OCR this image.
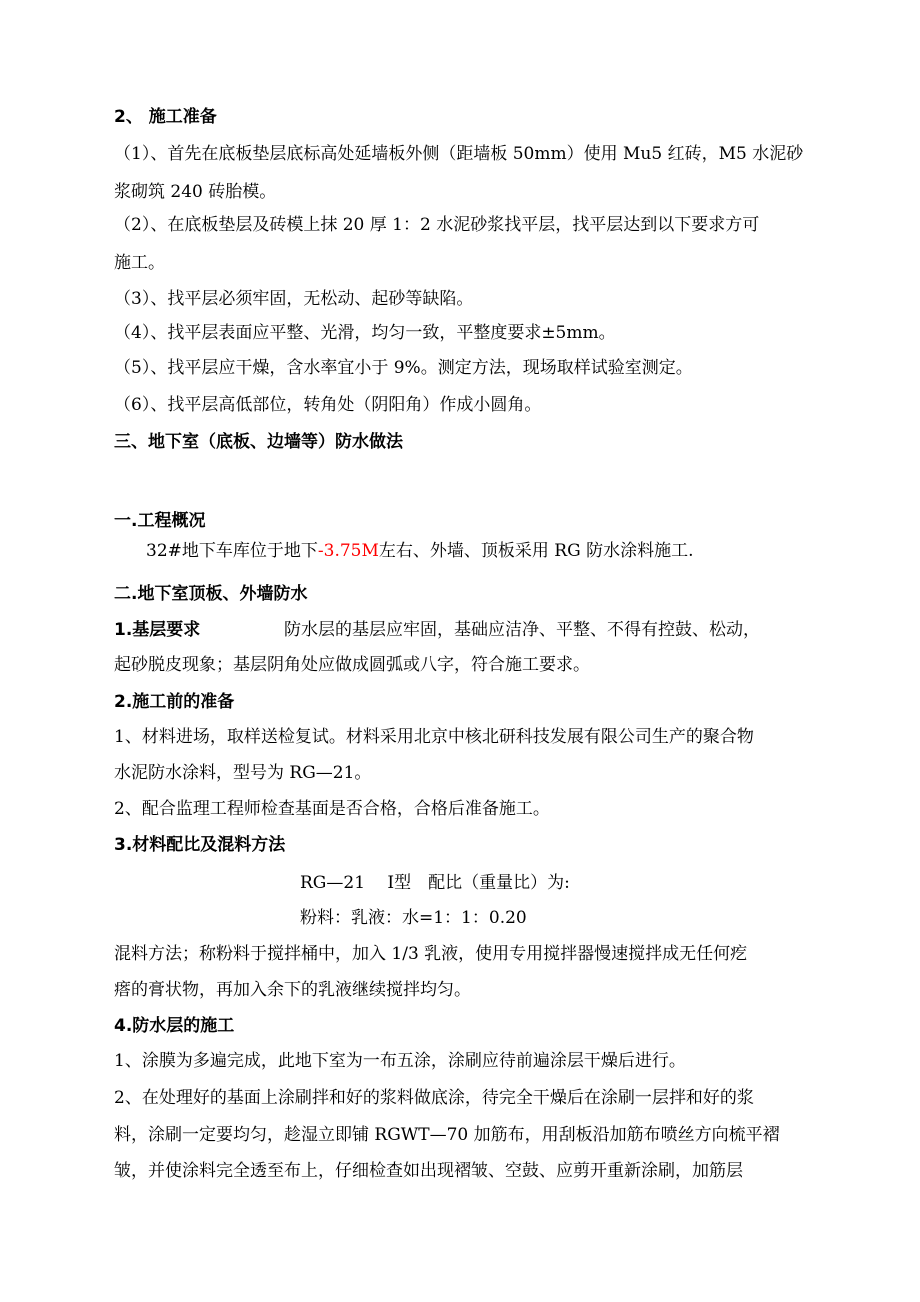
2、 施工准备
（1）、首先在底板垫层底标高处延墙板外侧（距墙板 50mm）使用 Mu5 红砖，M5 水泥砂
浆砌筑 240 砖胎模。
（2）、在底板垫层及砖模上抹 20 厚 1：2 水泥砂浆找平层，找平层达到以下要求方可
施工。
（3）、找平层必须牢固，无松动、起砂等缺陷。
（4）、找平层表面应平整、光滑，均匀一致，平整度要求±5mm。
（5）、找平层应干燥，含水率宜小于 9%。测定方法，现场取样试验室测定。
（6）、找平层高低部位，转角处（阴阳角）作成小圆角。
三、地下室（底板、边墙等）防水做法
一.工程概况
32#地下车库位于地下-3.75M左右、外墙、顶板采用 RG 防水涂料施工.
二.地下室顶板、外墙防水
1.基层要求	防水层的基层应牢固，基础应洁净、平整、不得有控鼓、松动，
起砂脱皮现象；基层阴角处应做成圆弧或八字，符合施工要求。
2.施工前的准备
1、材料进场，取样送检复试。材料采用北京中核北研科技发展有限公司生产的聚合物
水泥防水涂料，型号为 RG—21。
2、配合监理工程师检查基面是否合格，合格后准备施工。
3.材料配比及混料方法
RG—21　 Ⅰ型　配比（重量比）为:
粉料：乳液：水=1：1：0.20
混料方法；称粉料于搅拌桶中，加入 1/3 乳液，使用专用搅拌器慢速搅拌成无任何疙
瘩的膏状物，再加入余下的乳液继续搅拌均匀。
4.防水层的施工
1、涂膜为多遍完成，此地下室为一布五涂，涂刷应待前遍涂层干燥后进行。
2、在处理好的基面上涂刷拌和好的浆料做底涂，待完全干燥后在涂刷一层拌和好的浆
料，涂刷一定要均匀，趁湿立即铺 RGWT—70 加筋布，用刮板沿加筋布喷丝方向梳平褶
皱，并使涂料完全透至布上，仔细检查如出现褶皱、空鼓、应剪开重新涂刷，加筋层
